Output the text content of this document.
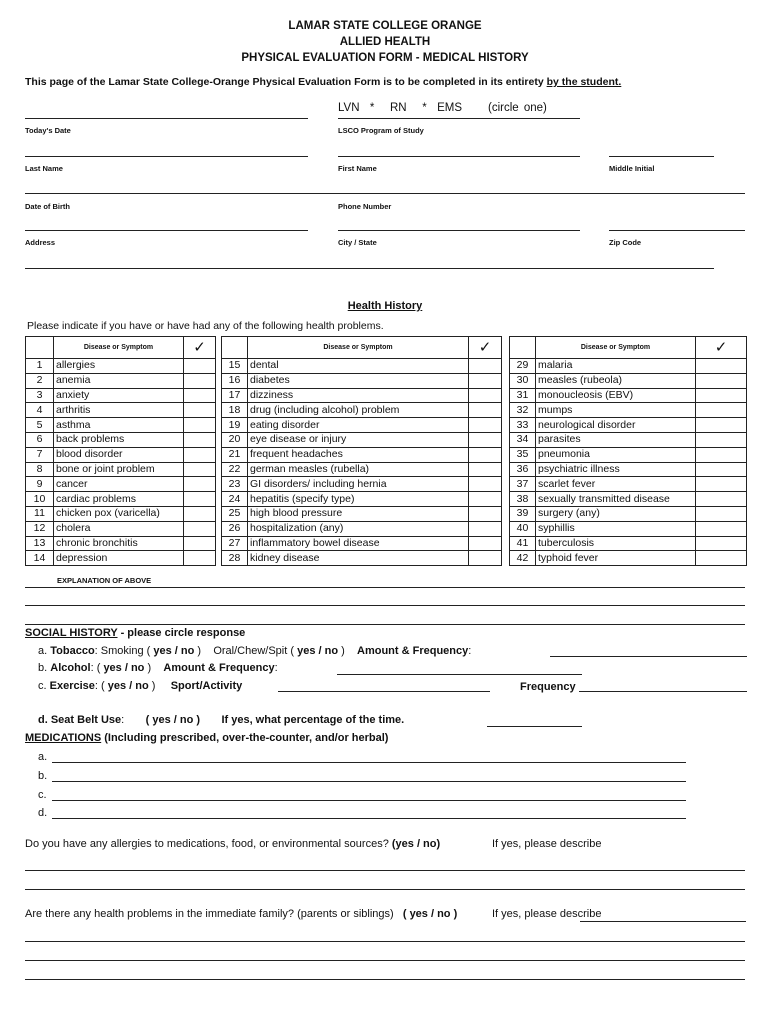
LAMAR STATE COLLEGE ORANGE
ALLIED HEALTH
PHYSICAL EVALUATION FORM - MEDICAL HISTORY
This page of the Lamar State College-Orange Physical Evaluation Form is to be completed in its entirety by the student.
LVN * RN * EMS (circle one)
Today's Date	LSCO Program of Study
Last Name	First Name	Middle Initial
Date of Birth	Phone Number
Address	City / State	Zip Code
Health History
Please indicate if you have or have had any of the following health problems.
	Disease or Symptom	✓			Disease or Symptom	✓			Disease or Symptom	✓
1	allergies			15	dental			29	malaria	
2	anemia			16	diabetes			30	measles (rubeola)	
3	anxiety			17	dizziness			31	monoucleosis (EBV)	
4	arthritis			18	drug (including alcohol) problem			32	mumps	
5	asthma			19	eating disorder			33	neurological disorder	
6	back problems			20	eye disease or injury			34	parasites	
7	blood disorder			21	frequent headaches			35	pneumonia	
8	bone or joint problem			22	german measles (rubella)			36	psychiatric illness	
9	cancer			23	GI disorders/ including hernia			37	scarlet fever	
10	cardiac problems			24	hepatitis (specify type)			38	sexually transmitted disease	
11	chicken pox (varicella)			25	high blood pressure			39	surgery (any)	
12	cholera			26	hospitalization (any)			40	syphillis	
13	chronic bronchitis			27	inflammatory bowel disease			41	tuberculosis	
14	depression			28	kidney disease			42	typhoid fever	
EXPLANATION OF ABOVE
SOCIAL HISTORY - please circle response
a. Tobacco: Smoking ( yes / no ) Oral/Chew/Spit ( yes / no ) Amount & Frequency:
b. Alcohol: ( yes / no ) Amount & Frequency:
c. Exercise: ( yes / no ) Sport/Activity	Frequency
d. Seat Belt Use: ( yes / no ) If yes, what percentage of the time.
MEDICATIONS (Including prescribed, over-the-counter, and/or herbal)
a.
b.
c.
d.
Do you have any allergies to medications, food, or environmental sources? (yes / no)	If yes, please describe
Are there any health problems in the immediate family? (parents or siblings) ( yes / no )	If yes, please describe
